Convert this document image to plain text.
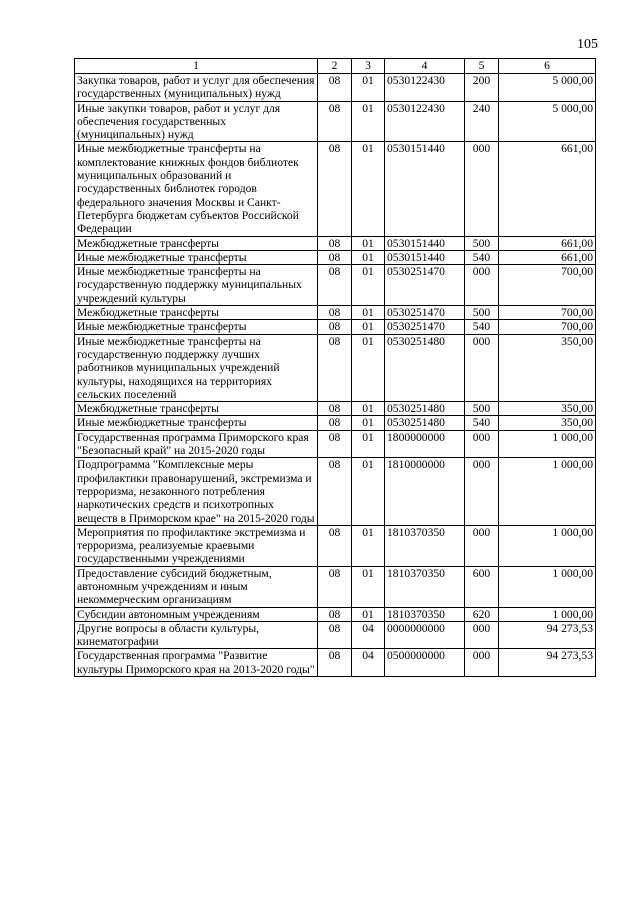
105
1	2	3	4	5	6
Закупка товаров, работ и услуг для обеспечения государственных (муниципальных) нужд	08	01	0530122430	200	5 000,00
Иные закупки товаров, работ и услуг для обеспечения государственных (муниципальных) нужд	08	01	0530122430	240	5 000,00
Иные межбюджетные трансферты на комплектование книжных фондов библиотек муниципальных образований и государственных библиотек городов федерального значения Москвы и Санкт-Петербурга бюджетам субъектов Российской Федерации	08	01	0530151440	000	661,00
Межбюджетные трансферты	08	01	0530151440	500	661,00
Иные межбюджетные трансферты	08	01	0530151440	540	661,00
Иные межбюджетные трансферты на государственную поддержку муниципальных учреждений культуры	08	01	0530251470	000	700,00
Межбюджетные трансферты	08	01	0530251470	500	700,00
Иные межбюджетные трансферты	08	01	0530251470	540	700,00
Иные межбюджетные трансферты на государственную поддержку лучших работников муниципальных учреждений культуры, находящихся на территориях сельских поселений	08	01	0530251480	000	350,00
Межбюджетные трансферты	08	01	0530251480	500	350,00
Иные межбюджетные трансферты	08	01	0530251480	540	350,00
Государственная программа Приморского края "Безопасный край" на 2015-2020 годы	08	01	1800000000	000	1 000,00
Подпрограмма "Комплексные меры профилактики правонарушений, экстремизма и терроризма, незаконного потребления наркотических средств и психотропных веществ в Приморском крае" на 2015-2020 годы	08	01	1810000000	000	1 000,00
Мероприятия по профилактике экстремизма и терроризма, реализуемые краевыми государственными учреждениями	08	01	1810370350	000	1 000,00
Предоставление субсидий бюджетным, автономным учреждениям и иным некоммерческим организациям	08	01	1810370350	600	1 000,00
Субсидии автономным учреждениям	08	01	1810370350	620	1 000,00
Другие вопросы в области культуры, кинематографии	08	04	0000000000	000	94 273,53
Государственная программа "Развитие культуры Приморского края на 2013-2020 годы"	08	04	0500000000	000	94 273,53
